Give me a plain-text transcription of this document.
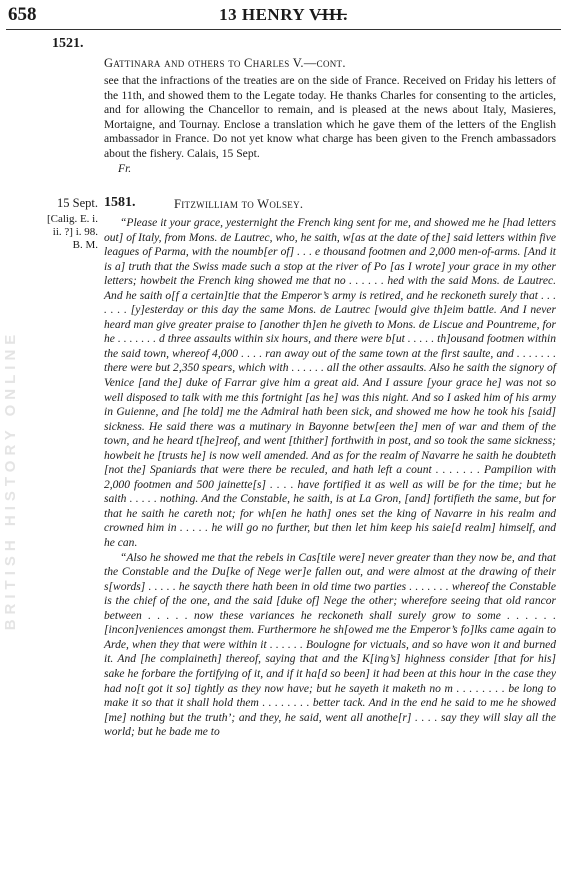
BRITISH HISTORY ONLINE
658	13 HENRY V̶I̶I̶I̶.
1521.
Gattinara and others to Charles V.—cont.
see that the infractions of the treaties are on the side of France. Received on Friday his letters of the 11th, and showed them to the Legate today. He thanks Charles for consenting to the articles, and for allowing the Chancellor to remain, and is pleased at the news about Italy, Masieres, Mortaigne, and Tournay. Enclose a translation which he gave them of the letters of the English ambassador in France. Do not yet know what charge has been given to the French ambassadors about the fishery. Calais, 15 Sept.
Fr.
15 Sept.
[Calig. E. i.
ii. ?] i. 98.
B. M.
1581.	Fitzwilliam to Wolsey.

“Please it your grace, yesternight the French king sent for me, and showed me he [had letters out] of Italy, from Mons. de Lautrec, who, he saith, w[as at the date of the] said letters within five leagues of Parma, with the noumb[er of] . . . e thousand footmen and 2,000 men-of-arms. [And it is a] truth that the Swiss made such a stop at the river of Po [as I wrote] your grace in my other letters; howbeit the French king showed me that no . . . . . . hed with the said Mons. de Lautrec. And he saith o[f a certain]tie that the Emperor’s army is retired, and he reckoneth surely that . . . . . . . [y]esterday or this day the same Mons. de Lautrec [would give th]eim battle. And I never heard man give greater praise to [another th]en he giveth to Mons. de Liscue and Pountreme, for he . . . . . . . d three assaults within six hours, and there were b[ut . . . . . th]ousand footmen within the said town, whereof 4,000 . . . . ran away out of the same town at the first saulte, and . . . . . . . there were but 2,350 spears, which with . . . . . . all the other assaults. Also he saith the signory of Venice [and the] duke of Farrar give him a great aid. And I assure [your grace he] was not so well disposed to talk with me this fortnight [as he] was this night. And so I asked him of his army in Guienne, and [he told] me the Admiral hath been sick, and showed me how he took his [said] sickness. He said there was a mutinary in Bayonne betw[een the] men of war and them of the town, and he heard t[he]reof, and went [thither] forthwith in post, and so took the same sickness; howbeit he [trusts he] is now well amended. And as for the realm of Navarre he saith he doubteth [not the] Spaniards that were there be reculed, and hath left a count . . . . . . . Pampilion with 2,000 footmen and 500 jainette[s] . . . . have fortified it as well as will be for the time; but he saith . . . . . nothing. And the Constable, he saith, is at La Gron, [and] fortifieth the same, but for that he saith he careth not; for wh[en he hath] ones set the king of Navarre in his realm and crowned him in . . . . . he will go no further, but then let him keep his saie[d realm] himself, and he can.

“Also he showed me that the rebels in Cas[tile were] never greater than they now be, and that the Constable and the Du[ke of Nege wer]e fallen out, and were almost at the drawing of their s[words] . . . . . he saycth there hath been in old time two parties . . . . . . . whereof the Constable is the chief of the one, and the said [duke of] Nege the other; wherefore seeing that old rancor between . . . . . now these variances he reckoneth shall surely grow to some . . . . . . [incon]veniences amongst them. Furthermore he sh[owed me the Emperor’s fo]lks came again to Arde, when they that were within it . . . . . . Boulogne for victuals, and so have won it and burned it. And [he complaineth] thereof, saying that and the K[ing’s] highness consider [that for his] sake he forbare the fortifying of it, and if it ha[d so been] it had been at this hour in the case they had no[t got it so] tightly as they now have; but he sayeth it maketh no m . . . . . . . . be long to make it so that it shall hold them . . . . . . . . better tack. And in the end he said to me he showed [me] nothing but the truth’; and they, he said, went all anothe[r] . . . . say they will slay all the world; but he bade me to
